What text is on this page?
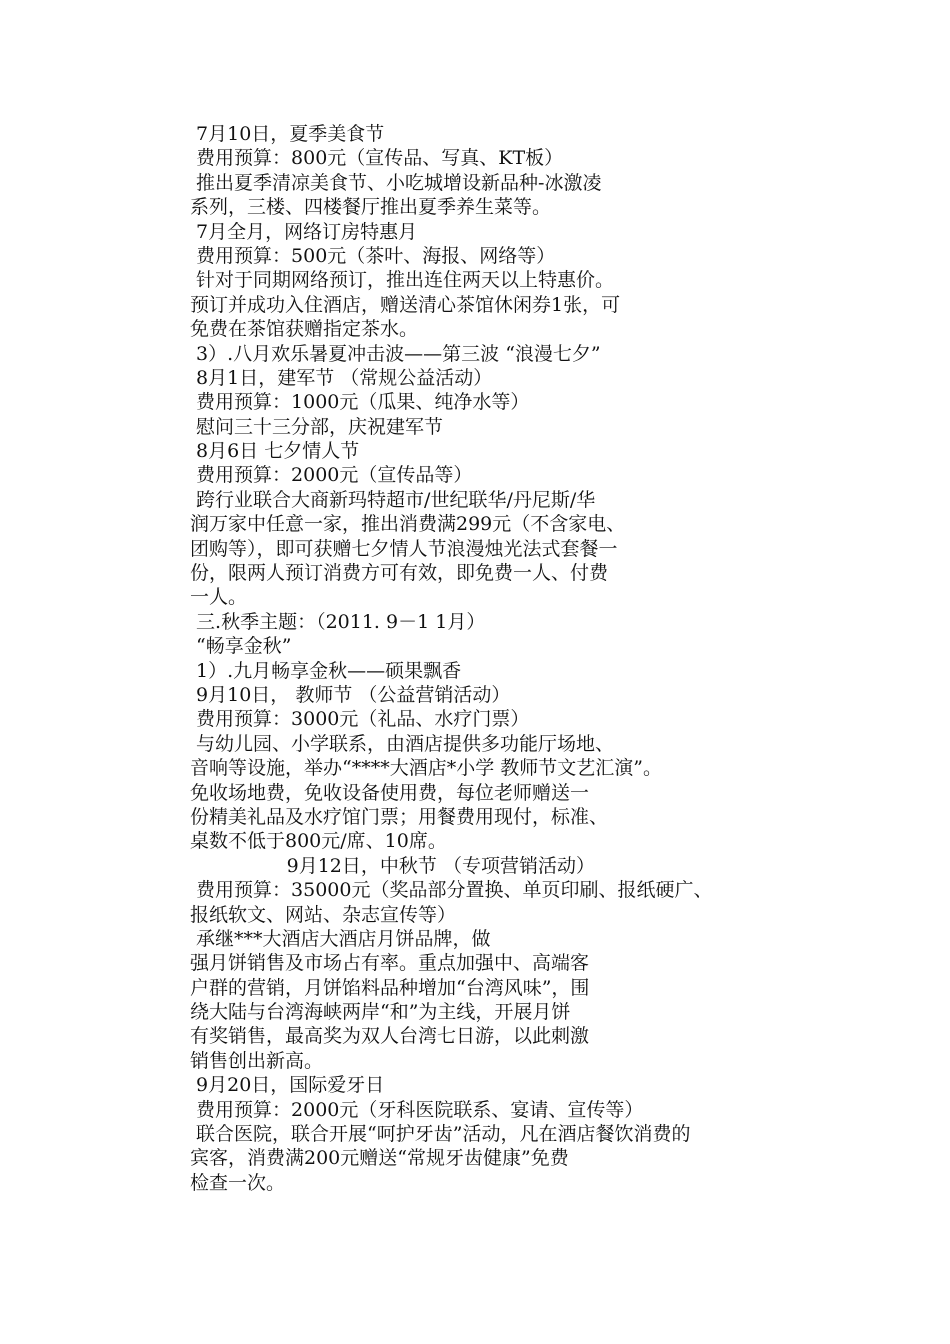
7月10日，夏季美食节
费用预算：800元（宣传品、写真、KT板）
推出夏季清凉美食节、小吃城增设新品种-冰激凌
系列，三楼、四楼餐厅推出夏季养生菜等。
7月全月，网络订房特惠月
费用预算：500元（茶叶、海报、网络等）
针对于同期网络预订，推出连住两天以上特惠价。
预订并成功入住酒店，赠送清心茶馆休闲券1张，可
免费在茶馆获赠指定茶水。
3）.八月欢乐暑夏冲击波——第三波 “浪漫七夕”
8月1日，建军节 （常规公益活动）
费用预算：1000元（瓜果、纯净水等）
慰问三十三分部，庆祝建军节
8月6日 七夕情人节
费用预算：2000元（宣传品等）
跨行业联合大商新玛特超市/世纪联华/丹尼斯/华
润万家中任意一家，推出消费满299元（不含家电、
团购等），即可获赠七夕情人节浪漫烛光法式套餐一
份，限两人预订消费方可有效，即免费一人、付费
一人。
三.秋季主题：（2011. 9－1 1月）
“畅享金秋”
1）.九月畅享金秋——硕果飘香
9月10日， 教师节 （公益营销活动）
费用预算：3000元（礼品、水疗门票）
与幼儿园、小学联系，由酒店提供多功能厅场地、
音响等设施，举办“****大酒店*小学 教师节文艺汇演”。
免收场地费，免收设备使用费，每位老师赠送一
份精美礼品及水疗馆门票；用餐费用现付，标准、
桌数不低于800元/席、10席。
9月12日，中秋节 （专项营销活动）
费用预算：35000元（奖品部分置换、单页印刷、报纸硬广、
报纸软文、网站、杂志宣传等）
承继***大酒店大酒店月饼品牌，做
强月饼销售及市场占有率。重点加强中、高端客
户群的营销，月饼馅料品种增加“台湾风味”，围
绕大陆与台湾海峡两岸“和”为主线，开展月饼
有奖销售，最高奖为双人台湾七日游，以此刺激
销售创出新高。
9月20日，国际爱牙日
费用预算：2000元（牙科医院联系、宴请、宣传等）
联合医院，联合开展“呵护牙齿”活动，凡在酒店餐饮消费的
宾客，消费满200元赠送“常规牙齿健康”免费
检查一次。
